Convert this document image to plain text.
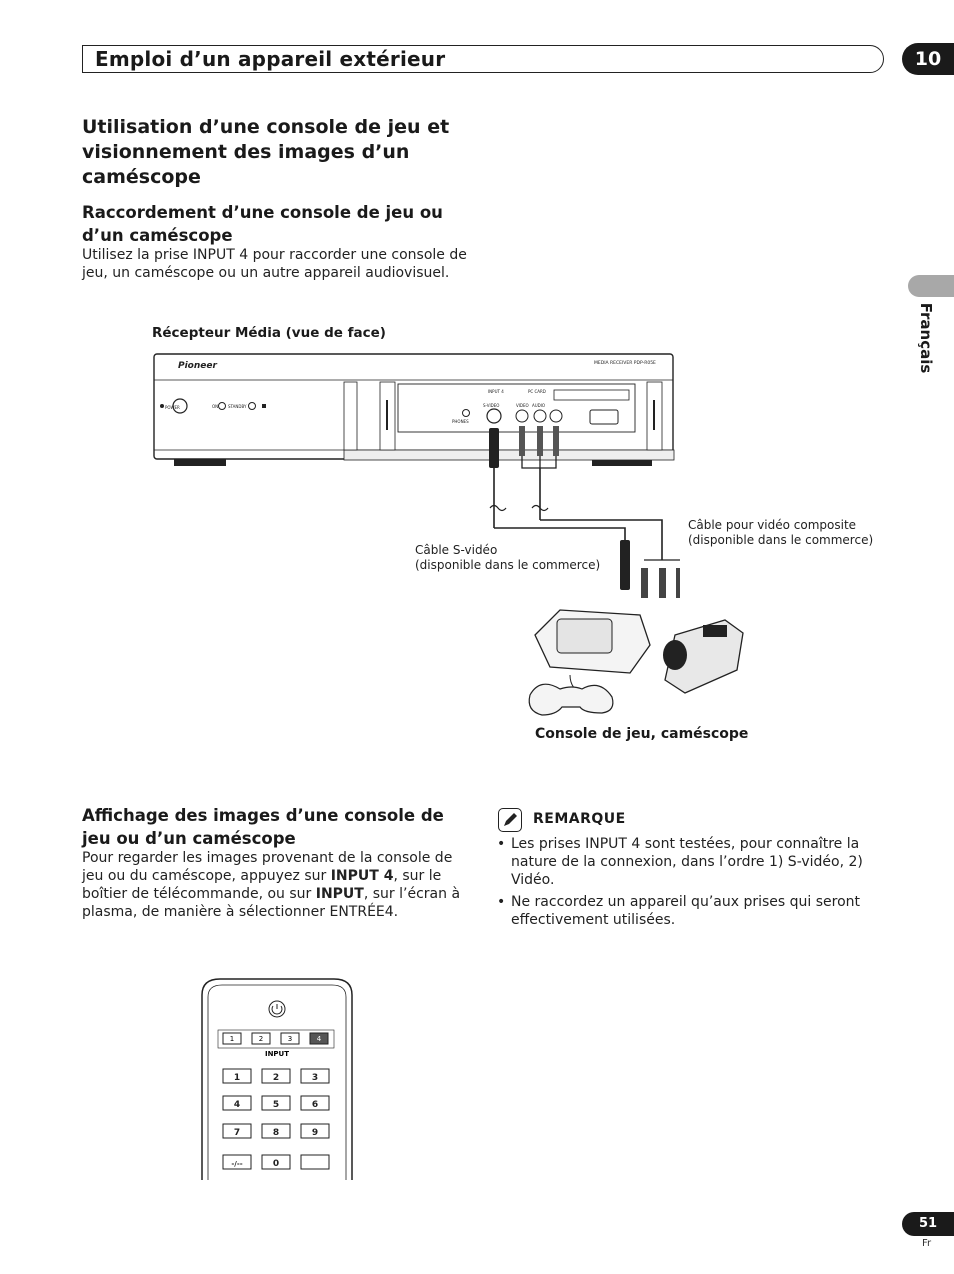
Emploi d’un appareil extérieur	10
Français
Utilisation d’une console de jeu et visionnement des images d’un caméscope
Raccordement d’une console de jeu ou d’un caméscope
Utilisez la prise INPUT 4 pour raccorder une console de jeu, un caméscope ou un autre appareil audiovisuel.
Récepteur Média (vue de face)
Pioneer	MEDIA RECEIVER PDP-R05E
POWER	ON STANDBY
INPUT 4	PC CARD
PHONES
S-VIDEO	VIDEO AUDIO
Câble S-vidéo
(disponible dans le commerce)
Câble pour vidéo composite
(disponible dans le commerce)
Console de jeu, caméscope
Affichage des images d’une console de jeu ou d’un caméscope
Pour regarder les images provenant de la console de jeu ou du caméscope, appuyez sur INPUT 4, sur le boîtier de télécommande, ou sur INPUT, sur l’écran à plasma, de manière à sélectionner ENTRÉE4.
REMARQUE
• Les prises INPUT 4 sont testées, pour connaître la nature de la connexion, dans l’ordre 1) S-vidéo, 2) Vidéo.
• Ne raccordez un appareil qu’aux prises qui seront effectivement utilisées.
1	2	3	4
INPUT
1	2	3
4	5	6
7	8	9
-/--	0
51
Fr
